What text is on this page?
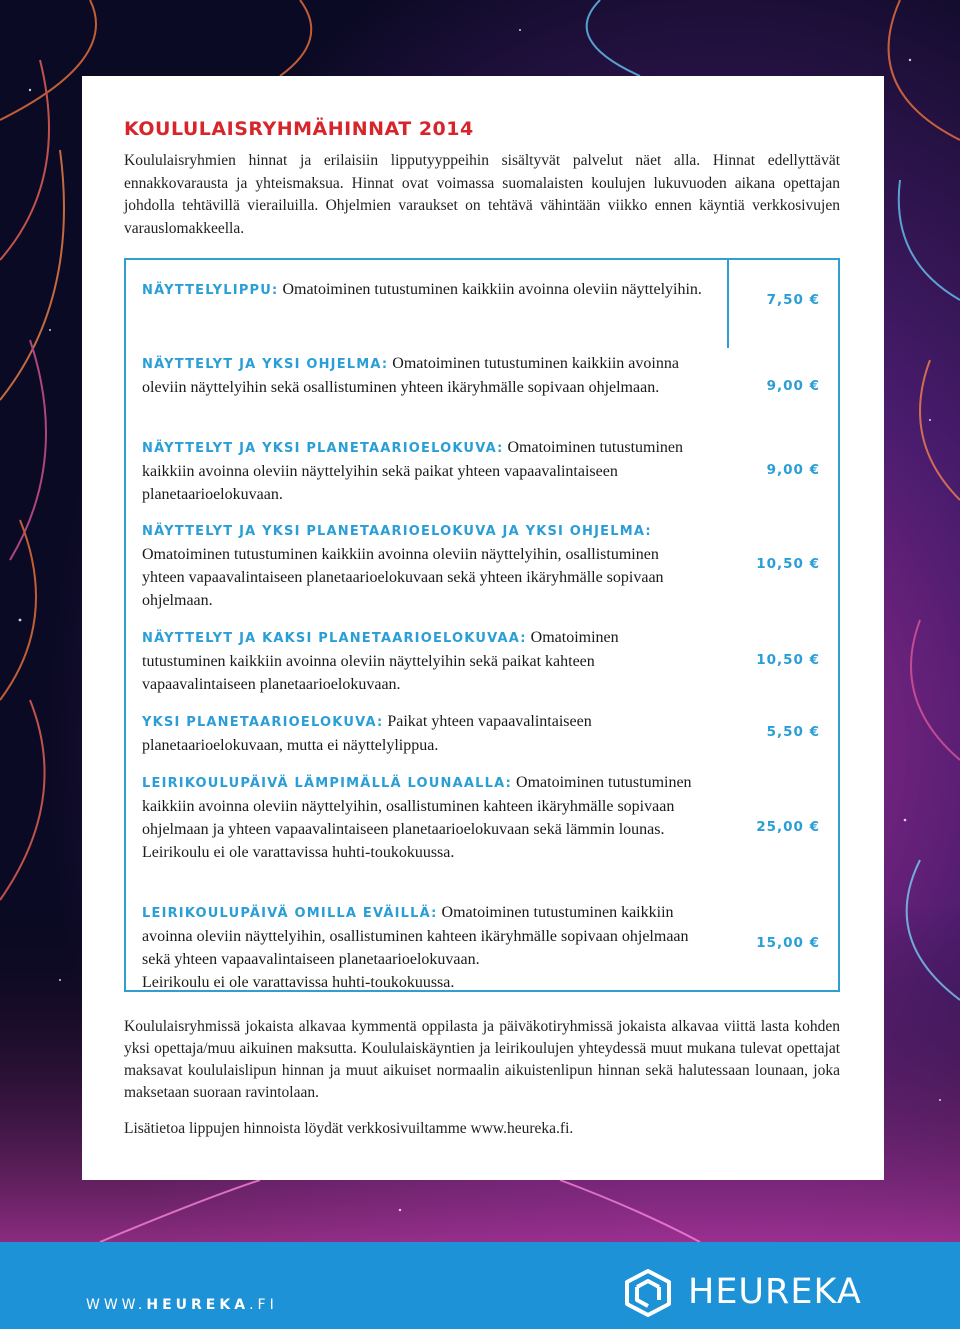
KOULULAISRYHMÄHINNAT 2014

Koululaisryhmien hinnat ja erilaisiin lipputyyppeihin sisältyvät palvelut näet alla. Hinnat edellyttävät ennakkovarausta ja yhteismaksua. Hinnat ovat voimassa suomalaisten koulujen lukuvuoden aikana opettajan johdolla tehtävillä vierailuilla. Ohjelmien varaukset on tehtävä vähintään viikko ennen käyntiä verkkosivujen varauslomakkeella.

NÄYTTELYLIPPU: Omatoiminen tutustuminen kaikkiin avoinna oleviin näyttelyihin.
7,50 €
NÄYTTELYT JA YKSI OHJELMA: Omatoiminen tutustuminen kaikkiin avoinna oleviin näyttelyihin sekä osallistuminen yhteen ikäryhmälle sopivaan ohjelmaan.	9,00 €
NÄYTTELYT JA YKSI PLANETAARIOELOKUVA: Omatoiminen tutustuminen kaikkiin avoinna oleviin näyttelyihin sekä paikat yhteen vapaavalintaiseen planetaarioelokuvaan.
9,00 €
NÄYTTELYT JA YKSI PLANETAARIOELOKUVA JA YKSI OHJELMA: Omatoiminen tutustuminen kaikkiin avoinna oleviin näyttelyihin, osallistuminen yhteen vapaavalintaiseen planetaarioelokuvaan sekä yhteen ikäryhmälle sopivaan ohjelmaan.
10,50 €
NÄYTTELYT JA KAKSI PLANETAARIOELOKUVAA: Omatoiminen tutustuminen kaikkiin avoinna oleviin näyttelyihin sekä paikat kahteen vapaavalintaiseen planetaarioelokuvaan.
10,50 €
YKSI PLANETAARIOELOKUVA: Paikat yhteen vapaavalintaiseen planetaarioelokuvaan, mutta ei näyttelylippua.
5,50 €
LEIRIKOULUPÄIVÄ LÄMPIMÄLLÄ LOUNAALLA: Omatoiminen tutustuminen kaikkiin avoinna oleviin näyttelyihin, osallistuminen kahteen ikäryhmälle sopivaan ohjelmaan ja yhteen vapaavalintaiseen planetaarioelokuvaan sekä lämmin lounas.
Leirikoulu ei ole varattavissa huhti-toukokuussa.
25,00 €
LEIRIKOULUPÄIVÄ OMILLA EVÄILLÄ: Omatoiminen tutustuminen kaikkiin avoinna oleviin näyttelyihin, osallistuminen kahteen ikäryhmälle sopivaan ohjelmaan sekä yhteen vapaavalintaiseen planetaarioelokuvaan.
Leirikoulu ei ole varattavissa huhti-toukokuussa.
15,00 €

Koululaisryhmissä jokaista alkavaa kymmentä oppilasta ja päiväkotiryhmissä jokaista alkavaa viittä lasta kohden yksi opettaja/muu aikuinen maksutta. Koululaiskäyntien ja leirikoulujen yhteydessä muut mukana tulevat opettajat maksavat koululaislipun hinnan ja muut aikuiset normaalin aikuistenlipun hinnan sekä halutessaan lounaan, joka maksetaan suoraan ravintolaan.

Lisätietoa lippujen hinnoista löydät verkkosivuiltamme www.heureka.fi.

WWW.HEUREKA.FI	HEUREKA
